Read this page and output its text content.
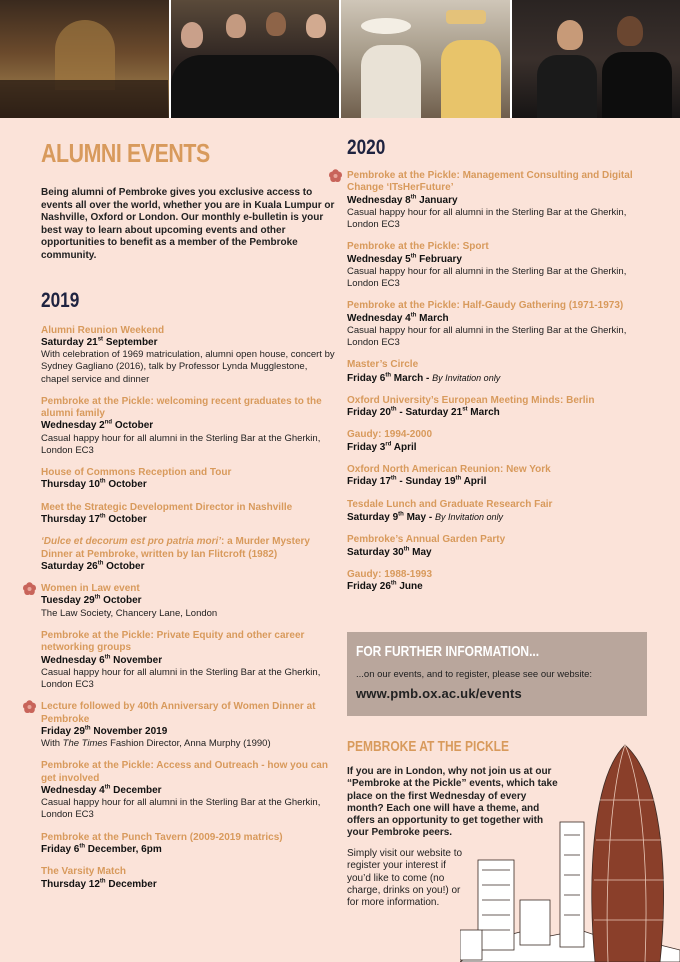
ALUMNI EVENTS

Being alumni of Pembroke gives you exclusive access to events all over the world, whether you are in Kuala Lumpur or Nashville, Oxford or London. Our monthly e-bulletin is your best way to learn about upcoming events and other opportunities to benefit as a member of the Pembroke community.

2019
Alumni Reunion Weekend
Saturday 21st September
With celebration of 1969 matriculation, alumni open house, concert by Sydney Gagliano (2016), talk by Professor Lynda Mugglestone, chapel service and dinner
Pembroke at the Pickle: welcoming recent graduates to the alumni family
Wednesday 2nd October
Casual happy hour for all alumni in the Sterling Bar at the Gherkin, London EC3
House of Commons Reception and Tour
Thursday 10th October
Meet the Strategic Development Director in Nashville
Thursday 17th October
‘Dulce et decorum est pro patria mori’: a Murder Mystery Dinner at Pembroke, written by Ian Flitcroft (1982)
Saturday 26th October
Women in Law event
Tuesday 29th October
The Law Society, Chancery Lane, London
Pembroke at the Pickle: Private Equity and other career networking groups
Wednesday 6th November
Casual happy hour for all alumni in the Sterling Bar at the Gherkin, London EC3
Lecture followed by 40th Anniversary of Women Dinner at Pembroke
Friday 29th November 2019
With The Times Fashion Director, Anna Murphy (1990)
Pembroke at the Pickle: Access and Outreach - how you can get involved
Wednesday 4th December
Casual happy hour for all alumni in the Sterling Bar at the Gherkin, London EC3
Pembroke at the Punch Tavern (2009-2019 matrics)
Friday 6th December, 6pm
The Varsity Match
Thursday 12th December
2020
Pembroke at the Pickle: Management Consulting and Digital Change ‘ITsHerFuture’
Wednesday 8th January
Casual happy hour for all alumni in the Sterling Bar at the Gherkin, London EC3
Pembroke at the Pickle: Sport
Wednesday 5th February
Casual happy hour for all alumni in the Sterling Bar at the Gherkin, London EC3
Pembroke at the Pickle: Half-Gaudy Gathering (1971-1973)
Wednesday 4th March
Casual happy hour for all alumni in the Sterling Bar at the Gherkin, London EC3
Master’s Circle
Friday 6th March - By Invitation only
Oxford University’s European Meeting Minds: Berlin
Friday 20th - Saturday 21st March
Gaudy: 1994-2000
Friday 3rd April
Oxford North American Reunion: New York
Friday 17th - Sunday 19th April
Tesdale Lunch and Graduate Research Fair
Saturday 9th May - By Invitation only
Pembroke’s Annual Garden Party
Saturday 30th May
Gaudy: 1988-1993
Friday 26th June
FOR FURTHER INFORMATION...
...on our events, and to register, please see our website:
www.pmb.ox.ac.uk/events
PEMBROKE AT THE PICKLE
If you are in London, why not join us at our “Pembroke at the Pickle” events, which take place on the first Wednesday of every month? Each one will have a theme, and offers an opportunity to get together with your Pembroke peers.
Simply visit our website to register your interest if you’d like to come (no charge, drinks on you!) or for more information.
